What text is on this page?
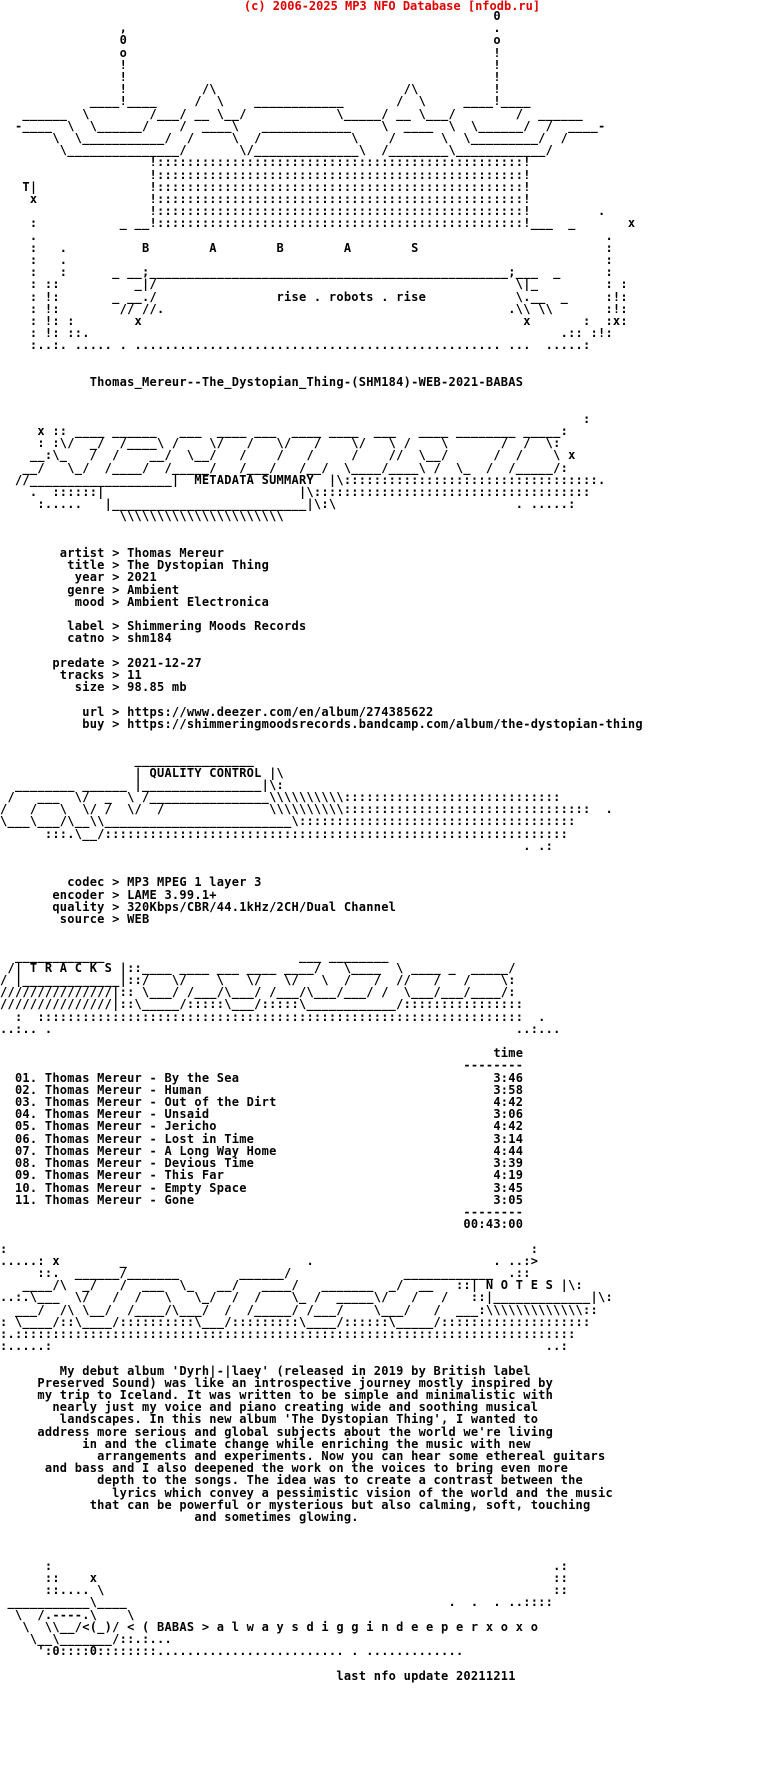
(c) 2006-2025 MP3 NFO Database [nfodb.ru]
0
,                                                 .
0                                                 o
o                                                 !
!                                                 !
!                                                 !
!          /\                         /\          !
____!____     /  \    ____________       /  \     ____!____
______  \        /___/ __ \__/            \_____/ __ \___/        /  ______
-____  \  \______/    /  ____\   ____________    \  ____  \  \______/  /  ____-
\  \___________/  /     \  /            \    /      \  \_________/  /
\_______________/       \/______________\  /________\____________/
!:::::::::::::::::::::::::::::::::::::::::::::::::!
!:::::::::::::::::::::::::::::::::::::::::::::::::!
T|               !:::::::::::::::::::::::::::::::::::::::::::::::::!
x               !:::::::::::::::::::::::::::::::::::::::::::::::::!
!:::::::::::::::::::::::::::::::::::::::::::::::::!         .
:           _ __!:::::::::::::::::::::::::::::::::::::::::::::::::!___  _       x
.                                                                            .
:   .          B        A        B        A        S                         :
:   .                                                                        :
:   :      _ __;________________________________________________;___  _      :
: ::          _|/                                                \|_         : :
: !:       _ __./                rise . robots . rise            \.__  _     :!:
: !:        // //.                                              .\\ \\       :!:
: !: :        x                                                   x       :  :x:
: !: ::.                                                               .:: :!:
:..:. ..... . ................................................. ...  .....:

Thomas_Mereur--The_Dystopian_Thing-(SHM184)-WEB-2021-BABAS

:
x :: ____ ______   ___  ____ ___  ____ ____  ___   ____ ________ _____:
: :\/  _/  /____\ /    \/   /   \/   /    \/   \ /    \       /  /  \:
__:\_   /  /    __/  \__/   /    /   /     /    //  \__/      /  /    \ x
__/   \_/  /____/  /_____/   /___/   /__/  \____/____\ /  \_  /  /_____/:
//___________________|  METADATA SUMMARY  |\::::::::::::::::::::::::::::::::::.
.  ::::::|                          |\:::::::::::::::::::::::::::::::::::::
:.....   |__________________________|\:\                        . .....:
\\\\\\\\\\\\\\\\\\\\\\

artist > Thomas Mereur
title > The Dystopian Thing
year > 2021
genre > Ambient
mood > Ambient Electronica

label > Shimmering Moods Records
catno > shm184

predate > 2021-12-27
tracks > 11
size > 98.85 mb

url > https://www.deezer.com/en/album/274385622
buy > https://shimmeringmoodsrecords.bandcamp.com/album/the-dystopian-thing

________________
| QUALITY CONTROL |\
________ ______ |________________|\:
/   ___  \/  _  \ /________________\\\\\\\\\\:::::::::::::::::::::::::::::
/   /   \  \/ /  \/  /              \\\\\\\\\\:::::::::::::::::::::::::::::::::  .
\___\___/\__\\_________________________\:::::::::::::::::::::::::::::::::::::
:::.\__/::::::::::::::::::::::::::::::::::::::::::::::::::::::::::::::
. .:

codec > MP3 MPEG 1 layer 3
encoder > LAME 3.99.1+
quality > 320Kbps/CBR/44.1kHz/2CH/Dual Channel
source > WEB

____________                          ___ ________
/| T R A C K S |::____ ____ ___ ____ ____/   \____  \ ____ _  _____/
/ |_____________|::/   \/    \   \/   \/   \  /   /  //   /   /    \:
///////////////|:: \___/ /___/\___/ /___/\___/___/ /  \___/___/____/:
///////////////|::\_____/:::::\___/:::::\____________/::::::::::::::::
:  :::::::::::::::::::::::::::::::::::::::::::::::::::::::::::::::::  .
..:.. .                                                              ..:...

time
--------
01. Thomas Mereur - By the Sea                                  3:46
02. Thomas Mereur - Human                                       3:58
03. Thomas Mereur - Out of the Dirt                             4:42
04. Thomas Mereur - Unsaid                                      3:06
05. Thomas Mereur - Jericho                                     4:42
06. Thomas Mereur - Lost in Time                                3:14
07. Thomas Mereur - A Long Way Home                             4:44
08. Thomas Mereur - Devious Time                                3:39
09. Thomas Mereur - This Far                                    4:19
10. Thomas Mereur - Empty Space                                 3:45
11. Thomas Mereur - Gone                                        3:05
--------
00:43:00

:                                                                      :
.....: x        _                        .                        . ..:>
::.  ______/_______        ______/               ____________  .::
____/\  _/   /  ___  \_   __/   ____/   _______  _/  __   ::| N O T E S |\:
..:.\___  \/   /  /   \   \_/  /  /    \_ /  _____\/   /   /   ::|_____________|\:
___/  /\ \__/  /____/\___/  /  /_____/ /___/    \___/   /  ___:\\\\\\\\\\\\\::
: \____/::\____/::::::::::\___/:::::::::\____/::::::\_____/::::::::::::::::::::
:.:::::::::::::::::::::::::::::::::::::::::::::::::::::::::::::::::::::::::::
:.....:                                                                  ..:

My debut album 'Dyrh|-|laey' (released in 2019 by British label
Preserved Sound) was like an introspective journey mostly inspired by
my trip to Iceland. It was written to be simple and minimalistic with
nearly just my voice and piano creating wide and soothing musical
landscapes. In this new album 'The Dystopian Thing', I wanted to
address more serious and global subjects about the world we're living
in and the climate change while enriching the music with new
arrangements and experiments. Now you can hear some ethereal guitars
and bass and I also deepened the work on the voices to bring even more
depth to the songs. The idea was to create a contrast between the
lyrics which convey a pessimistic vision of the world and the music
that can be powerful or mysterious but also calming, soft, touching
and sometimes glowing.

:                                                                   .:
::    x                                                             ::
::.... \                                                            ::
___________\____                                           .  .  . ..::::
\  /.----.\    \
\  \\__/<(_)/ < ( BABAS > a l w a y s d i g g i n d e e p e r x o x o
\__\_______/::.:...
':0::::0::::::::......................... . .............

last nfo update 20211211
